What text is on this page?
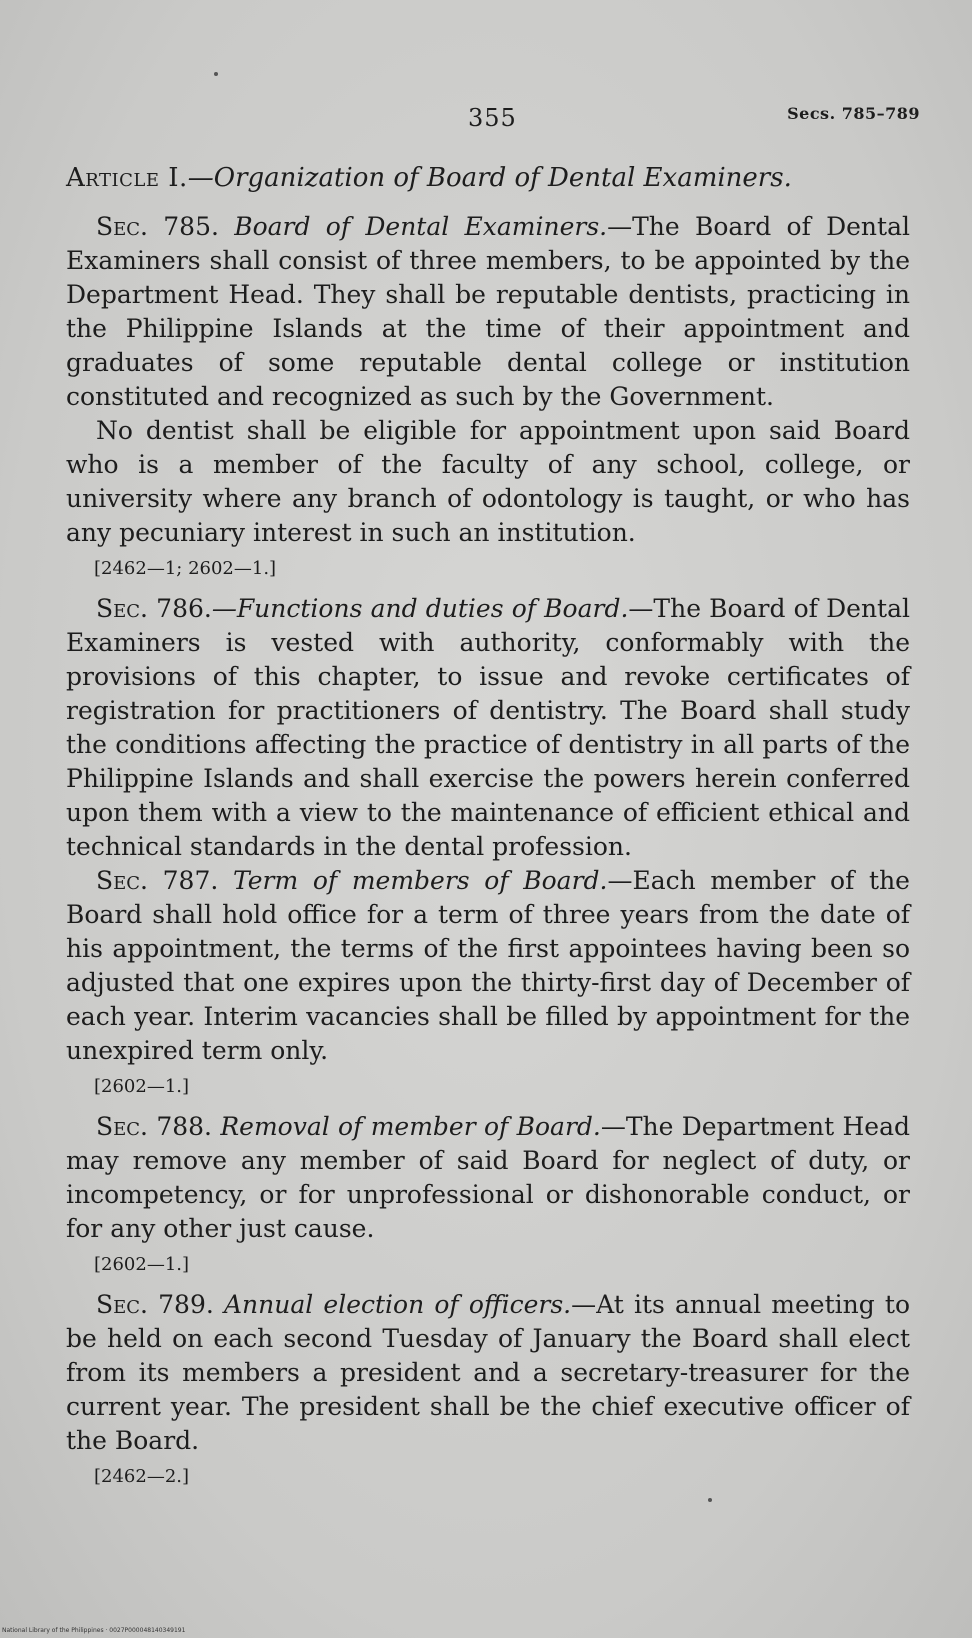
355	Secs. 785–789
Article I.—Organization of Board of Dental Examiners.

Sec. 785. Board of Dental Examiners.—The Board of Dental Examiners shall consist of three members, to be appointed by the Department Head. They shall be reputable dentists, practicing in the Philippine Islands at the time of their appointment and graduates of some reputable dental college or institution constituted and recognized as such by the Government.

No dentist shall be eligible for appointment upon said Board who is a member of the faculty of any school, college, or university where any branch of odontology is taught, or who has any pecuniary interest in such an institution.

[2462—1; 2602—1.]

Sec. 786.—Functions and duties of Board.—The Board of Dental Examiners is vested with authority, conformably with the provisions of this chapter, to issue and revoke certificates of registration for practitioners of dentistry. The Board shall study the conditions affecting the practice of dentistry in all parts of the Philippine Islands and shall exercise the powers herein conferred upon them with a view to the maintenance of efficient ethical and technical standards in the dental profession.

Sec. 787. Term of members of Board.—Each member of the Board shall hold office for a term of three years from the date of his appointment, the terms of the first appointees having been so adjusted that one expires upon the thirty-first day of December of each year. Interim vacancies shall be filled by appointment for the unexpired term only.

[2602—1.]

Sec. 788. Removal of member of Board.—The Department Head may remove any member of said Board for neglect of duty, or incompetency, or for unprofessional or dishonorable conduct, or for any other just cause.

[2602—1.]

Sec. 789. Annual election of officers.—At its annual meeting to be held on each second Tuesday of January the Board shall elect from its members a president and a secretary-treasurer for the current year. The president shall be the chief executive officer of the Board.

[2462—2.]
National Library of the Philippines · 0027P000048140349191
